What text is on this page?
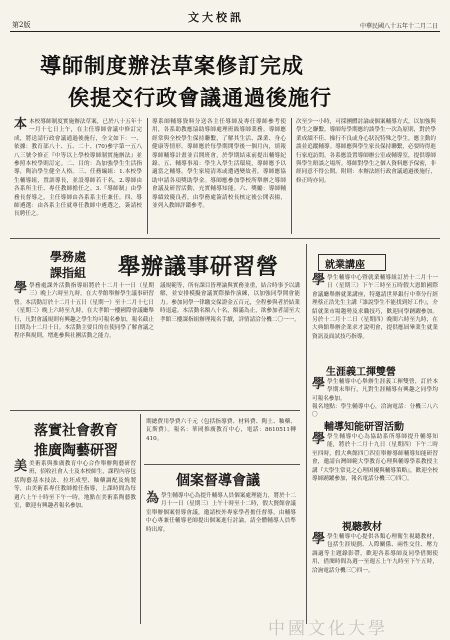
第2版
文大校訊
中華民國八十五年十二月二日
導師制度辦法草案修訂完成
俟提交行政會議通過後施行
本本校導師制度實施辦法草案，已於八十五年十一月十七日上午，在主任導師會議中修訂完成，將送請行政會議通過後施行，全文如下：一、依據：教育部八十、五、二十、(70)參字第一五八八三號令修正『中等以上學校導師制實施辦法』並參照本校學則訂定。二、目的：為加強學生生活指導，陶冶學生健全人格。三、任務編組：1.本校學生輔導組，置訓導長，並設導師若干名。2.導師由各系所主任、專任教師擔任之。3.『導師制』由學務長督導之，主任導師由各系系主任兼任。四、導師遴選：由各系主任就專任教師中遴選之，簽請校長聘任之。
導系師輔導資料分送各主任導師及專任導師參考使用，各系助教應協助導師處理班級導師業務。導師應經常與全校學生保持聯繫，了解其生活、課業、身心健康等情形。導師應於每學期開學後一個月內，填報導師輔導計畫並召開班會，於學期結束前提出輔導紀錄。五、輔導事項：學生入學生活環境，導師應予以適當之輔導。學生家境清寒或遭遇變故者，導師應協助申請各項獎助學金。導師應參加學校所舉辦之導師會議及研習活動，充實輔導知能。六、獎勵：導師輔導績效優良者，由學務處簽請校長核定後公開表揚，並列入教師評鑑參考。
次至少一小時，可採團體討論或個案輔導方式，以加強與學生之聯繫。導師每學期應約談學生一次為原則，對於學業成績不佳、操行不良或身心狀況特殊之學生，應主動約談並追蹤輔導。導師應與學生家長保持聯繫，必要時得進行家庭訪問。各系應設置導師辦公室或輔導室，提供導師與學生晤談之場所。導師對學生之個人資料應予保密，非經同意不得公開。附則：本辦法經行政會議通過後施行，修正時亦同。
學務處
課指組 舉辦議事研習營
學學務處課外活動指導組將於十二月十一日（星期三）晚上六時至九時，在大孝館舉辦學生議事研習營。本活動訂於十二月十五日（星期一）至十二月十七日（星期三）晚上六時至九時，在大孝館一樓國際會議廳舉行，凡對會議規則有興趣之學生均可報名參加，報名截止日期為十二月十日。本活動主要目的在使同學了解會議之程序與規則，增進參與社團活動之能力。
議規範等，所有課目皆理論與實務並重，結合時事予以講解，並安排模擬會議實際操作演練，以加強同學開會能力。參加同學一律繳交保證金五百元，全程參與者於結業時退還。本活動名額八十名，額滿為止，欲參加者請至大孝館三樓課指組辦理報名手續，詳情請洽分機二〇一一。
就業講座
學學生輔導中心暨就業輔導組訂於十二月十一日（星期三）下午三時至五時假大恩館國際會議廳舉辦就業講座，特邀請世界銀行中華分行經理蔡正浩先生主講『誰說學生不能找到好工作』，介紹就業市場趨勢及求職技巧，歡迎同學踴躍參加。另於十二月十二日（星期四）晚間六時至九時，在大典館舉辦企業求才說明會，提供應屆畢業生就業資訊及面試技巧指導。
生涯義工揮雙營
學學生輔導中心舉辦生涯義工揮雙營，訂於本學期末舉行，凡對生涯輔導有興趣之同學均可報名參加。
報名地點：學生輔導中心，洽詢電話：分機三八六〇
輔導知能研習活動
學學生輔導中心為協助系所導師提升輔導知能，將於十二月十九日（星期四）下午二時至四時，假大典館四〇四室舉辦導師輔導知能研習會，邀請台灣師範大學教育心理與輔導學系教授主講『大學生常見之心理困擾與輔導策略』，歡迎全校導師踴躍參加，報名電話分機三〇四〇。
視聽教材
學學生輔導中心提供各類心理衛生視聽教材，包括生涯規劃、人際關係、兩性交往、壓力調適等主題錄影帶，歡迎各系導師及同學借閱使用，借閱時間為週一至週五上午九時至下午五時，洽詢電話分機三〇四一。
落實社會教育
推廣陶藝研習
美美術系與推廣教育中心合作舉辦陶藝研習班，招收社會人士及本校師生，課程內容包括陶藝基本技法、拉坯成型、釉藥調配及燒製等，由美術系專任教師擔任指導，上課時間為每週六上午十時至下午一時，地點在美術系陶藝教室，歡迎有興趣者報名參加。
期總費用學費六千元（包括指導費、材料費、陶土、釉藥、瓦斯費）。報名：華岡推廣教育中心，電話：8610511轉410。
個案督導會議
為學生輔導中心為提升輔導人員個案處理能力，將於十二月十一日（星期三）上午十時至十二時，假大賢館會議室舉辦個案督導會議，邀請校外專家學者擔任督導，由輔導中心專兼任輔導老師提出個案進行討論，請全體輔導人員準時出席。
中國文化大學
